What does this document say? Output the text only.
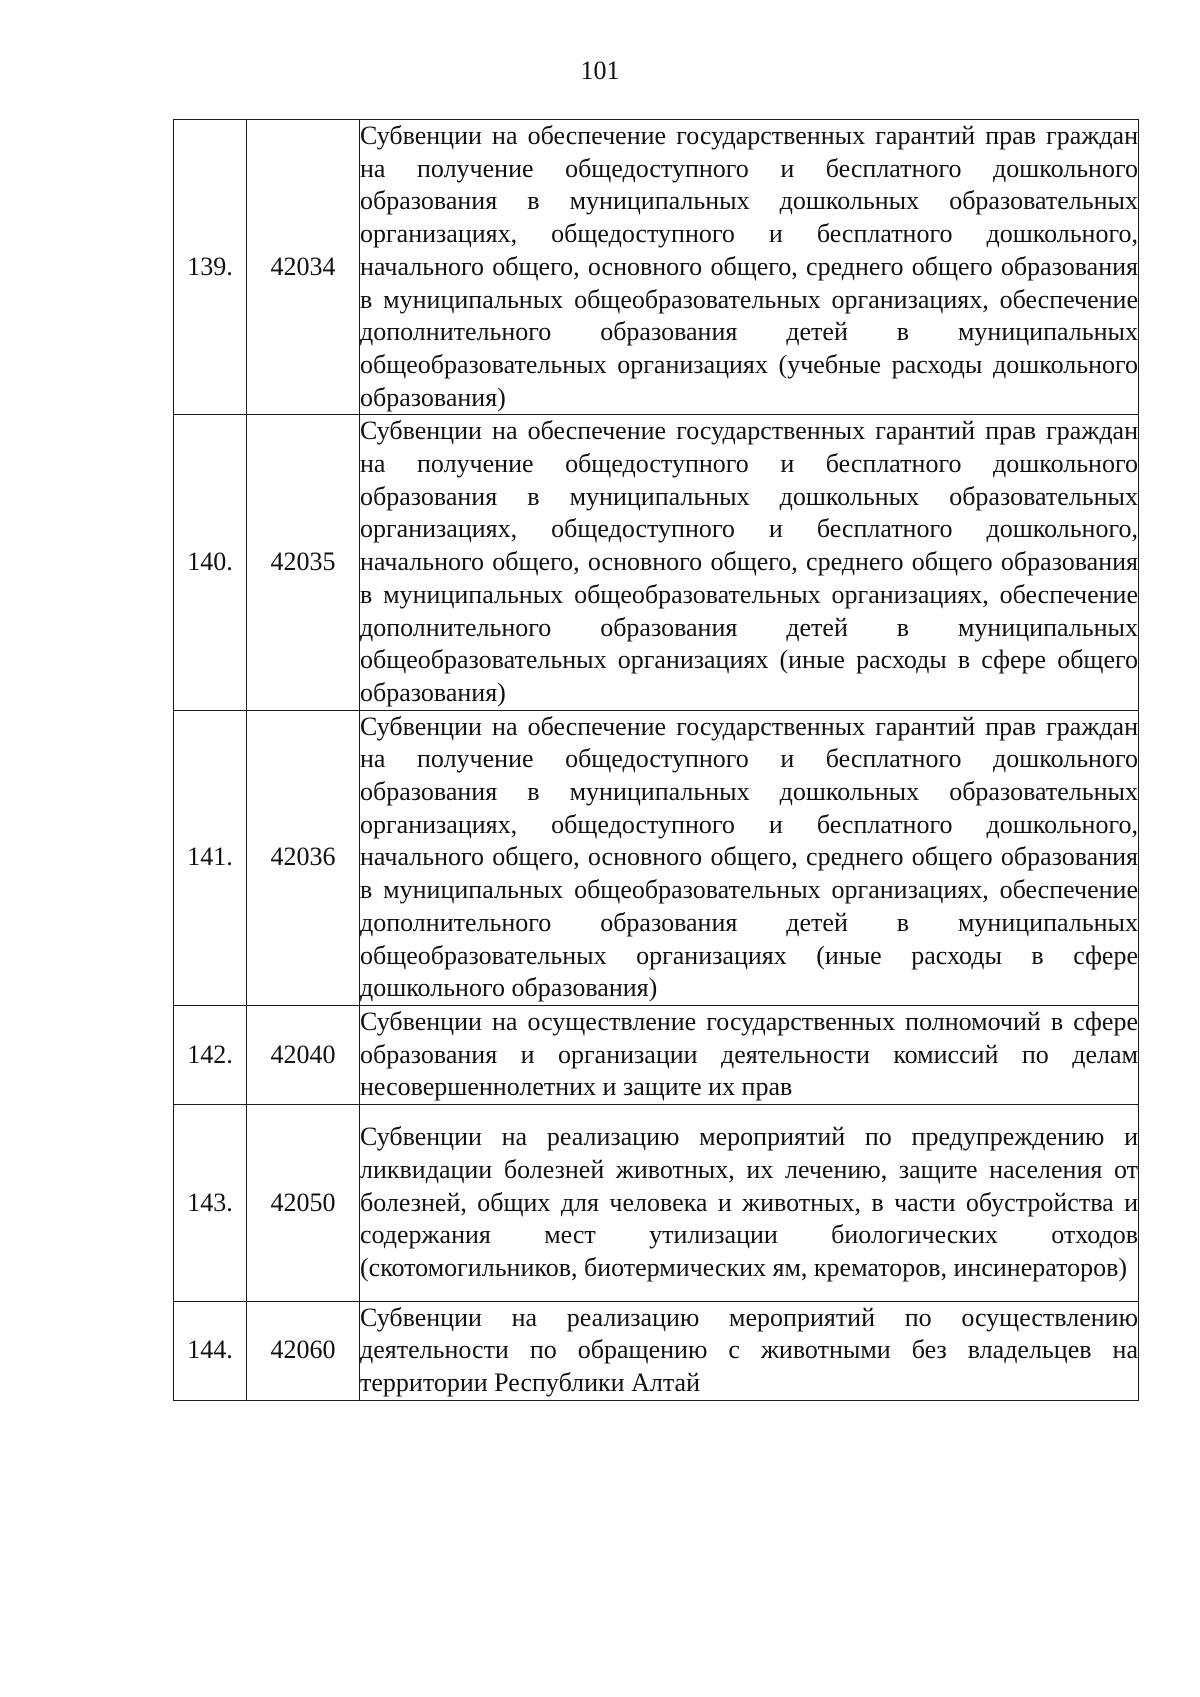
101
139.	42034	Субвенции на обеспечение государственных гарантий прав граждан на получение общедоступного и бесплатного дошкольного образования в муниципальных дошкольных образовательных организациях, общедоступного и бесплатного дошкольного, начального общего, основного общего, среднего общего образования в муниципальных общеобразовательных организациях, обеспечение дополнительного образования детей в муниципальных общеобразовательных организациях (учебные расходы дошкольного образования)
140.	42035	Субвенции на обеспечение государственных гарантий прав граждан на получение общедоступного и бесплатного дошкольного образования в муниципальных дошкольных образовательных организациях, общедоступного и бесплатного дошкольного, начального общего, основного общего, среднего общего образования в муниципальных общеобразовательных организациях, обеспечение дополнительного образования детей в муниципальных общеобразовательных организациях (иные расходы в сфере общего образования)
141.	42036	Субвенции на обеспечение государственных гарантий прав граждан на получение общедоступного и бесплатного дошкольного образования в муниципальных дошкольных образовательных организациях, общедоступного и бесплатного дошкольного, начального общего, основного общего, среднего общего образования в муниципальных общеобразовательных организациях, обеспечение дополнительного образования детей в муниципальных общеобразовательных организациях (иные расходы в сфере дошкольного образования)
142.	42040	Субвенции на осуществление государственных полномочий в сфере образования и организации деятельности комиссий по делам несовершеннолетних и защите их прав
143.	42050	Субвенции на реализацию мероприятий по предупреждению и ликвидации болезней животных, их лечению, защите населения от болезней, общих для человека и животных, в части обустройства и содержания мест утилизации биологических отходов (скотомогильников, биотермических ям, крематоров, инсинераторов)
144.	42060	Субвенции на реализацию мероприятий по осуществлению деятельности по обращению с животными без владельцев на территории Республики Алтай
